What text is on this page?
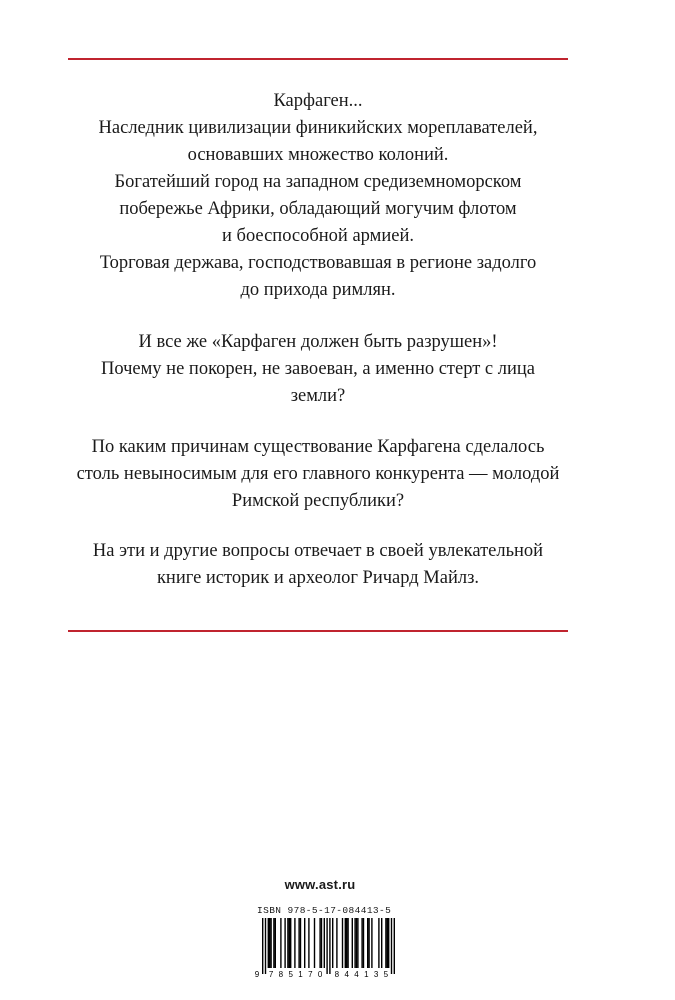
Карфаген...
Наследник цивилизации финикийских мореплавателей,
основавших множество колоний.
Богатейший город на западном средиземноморском
побережье Африки, обладающий могучим флотом
и боеспособной армией.
Торговая держава, господствовавшая в регионе задолго
до прихода римлян.
И все же «Карфаген должен быть разрушен»!
Почему не покорен, не завоеван, а именно стерт с лица
земли?
По каким причинам существование Карфагена сделалось
столь невыносимым для его главного конкурента — молодой
Римской республики?
На эти и другие вопросы отвечает в своей увлекательной
книге историк и археолог Ричард Майлз.
www.ast.ru
ISBN 978-5-17-084413-5
9 7 8 5 1 7 0 8 4 4 1 3 5
